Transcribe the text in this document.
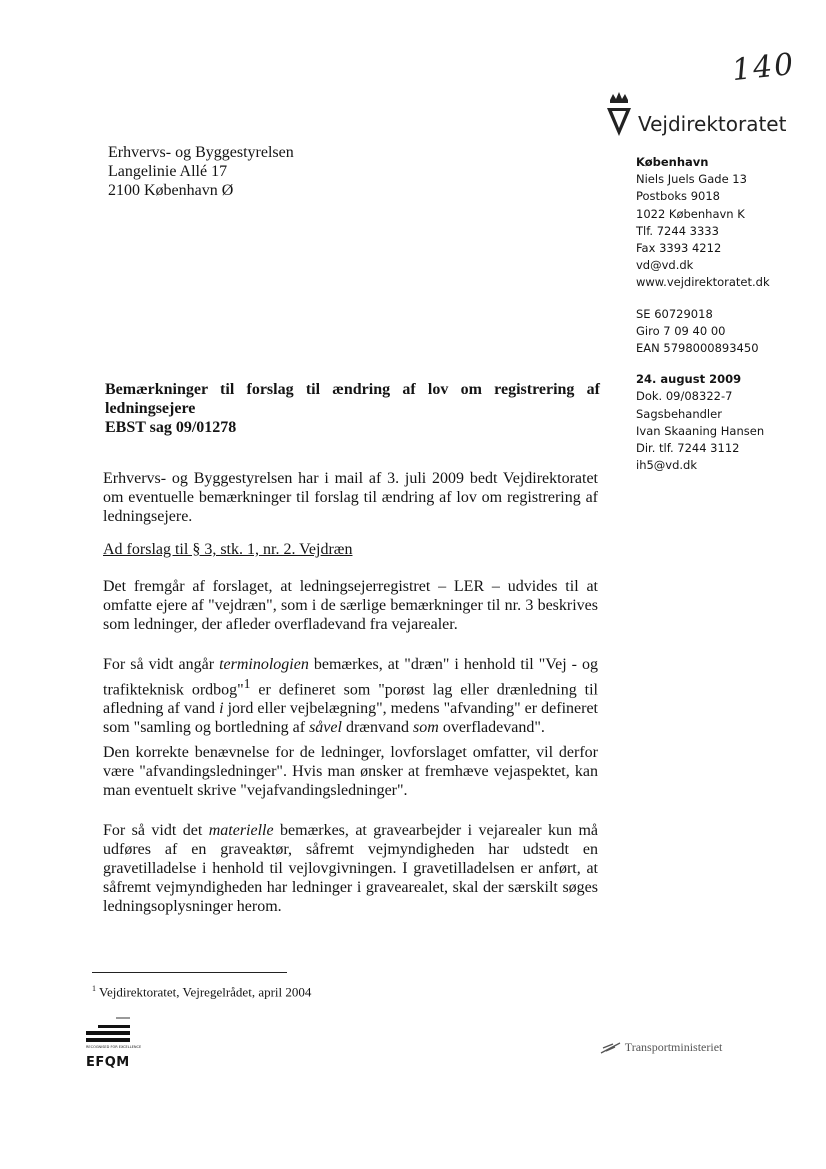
140
Vejdirektoratet
Erhvervs- og Byggestyrelsen
Langelinie Allé 17
2100 København Ø
København
Niels Juels Gade 13
Postboks 9018
1022 København K
Tlf. 7244 3333
Fax 3393 4212
vd@vd.dk
www.vejdirektoratet.dk
SE 60729018
Giro 7 09 40 00
EAN 5798000893450
24. august 2009
Dok. 09/08322-7
Sagsbehandler
Ivan Skaaning Hansen
Dir. tlf. 7244 3112
ih5@vd.dk
Bemærkninger til forslag til ændring af lov om registrering af ledningsejere
EBST sag 09/01278
Erhvervs- og Byggestyrelsen har i mail af 3. juli 2009 bedt Vejdirektoratet om eventuelle bemærkninger til forslag til ændring af lov om registrering af ledningsejere.
Ad forslag til § 3, stk. 1, nr. 2. Vejdræn
Det fremgår af forslaget, at ledningsejerregistret – LER – udvides til at omfatte ejere af "vejdræn", som i de særlige bemærkninger til nr. 3 beskrives som ledninger, der afleder overfladevand fra vejarealer.
For så vidt angår terminologien bemærkes, at "dræn" i henhold til "Vej - og trafikteknisk ordbog"$^1$ er defineret som "porøst lag eller drænledning til afledning af vand i jord eller vejbelægning", medens "afvanding" er defineret som "samling og bortledning af såvel drænvand som overfladevand".
Den korrekte benævnelse for de ledninger, lovforslaget omfatter, vil derfor være "afvandingsledninger". Hvis man ønsker at fremhæve vejaspektet, kan man eventuelt skrive "vejafvandingsledninger".
For så vidt det materielle bemærkes, at gravearbejder i vejarealer kun må udføres af en graveaktør, såfremt vejmyndigheden har udstedt en gravetilladelse i henhold til vejlovgivningen. I gravetilladelsen er anført, at såfremt vejmyndigheden har ledninger i gravearealet, skal der særskilt søges ledningsoplysninger herom.
$^1$ Vejdirektoratet, Vejregelrådet, april 2004
RECOGNISED FOR EXCELLENCE
EFQM
Transportministeriet
